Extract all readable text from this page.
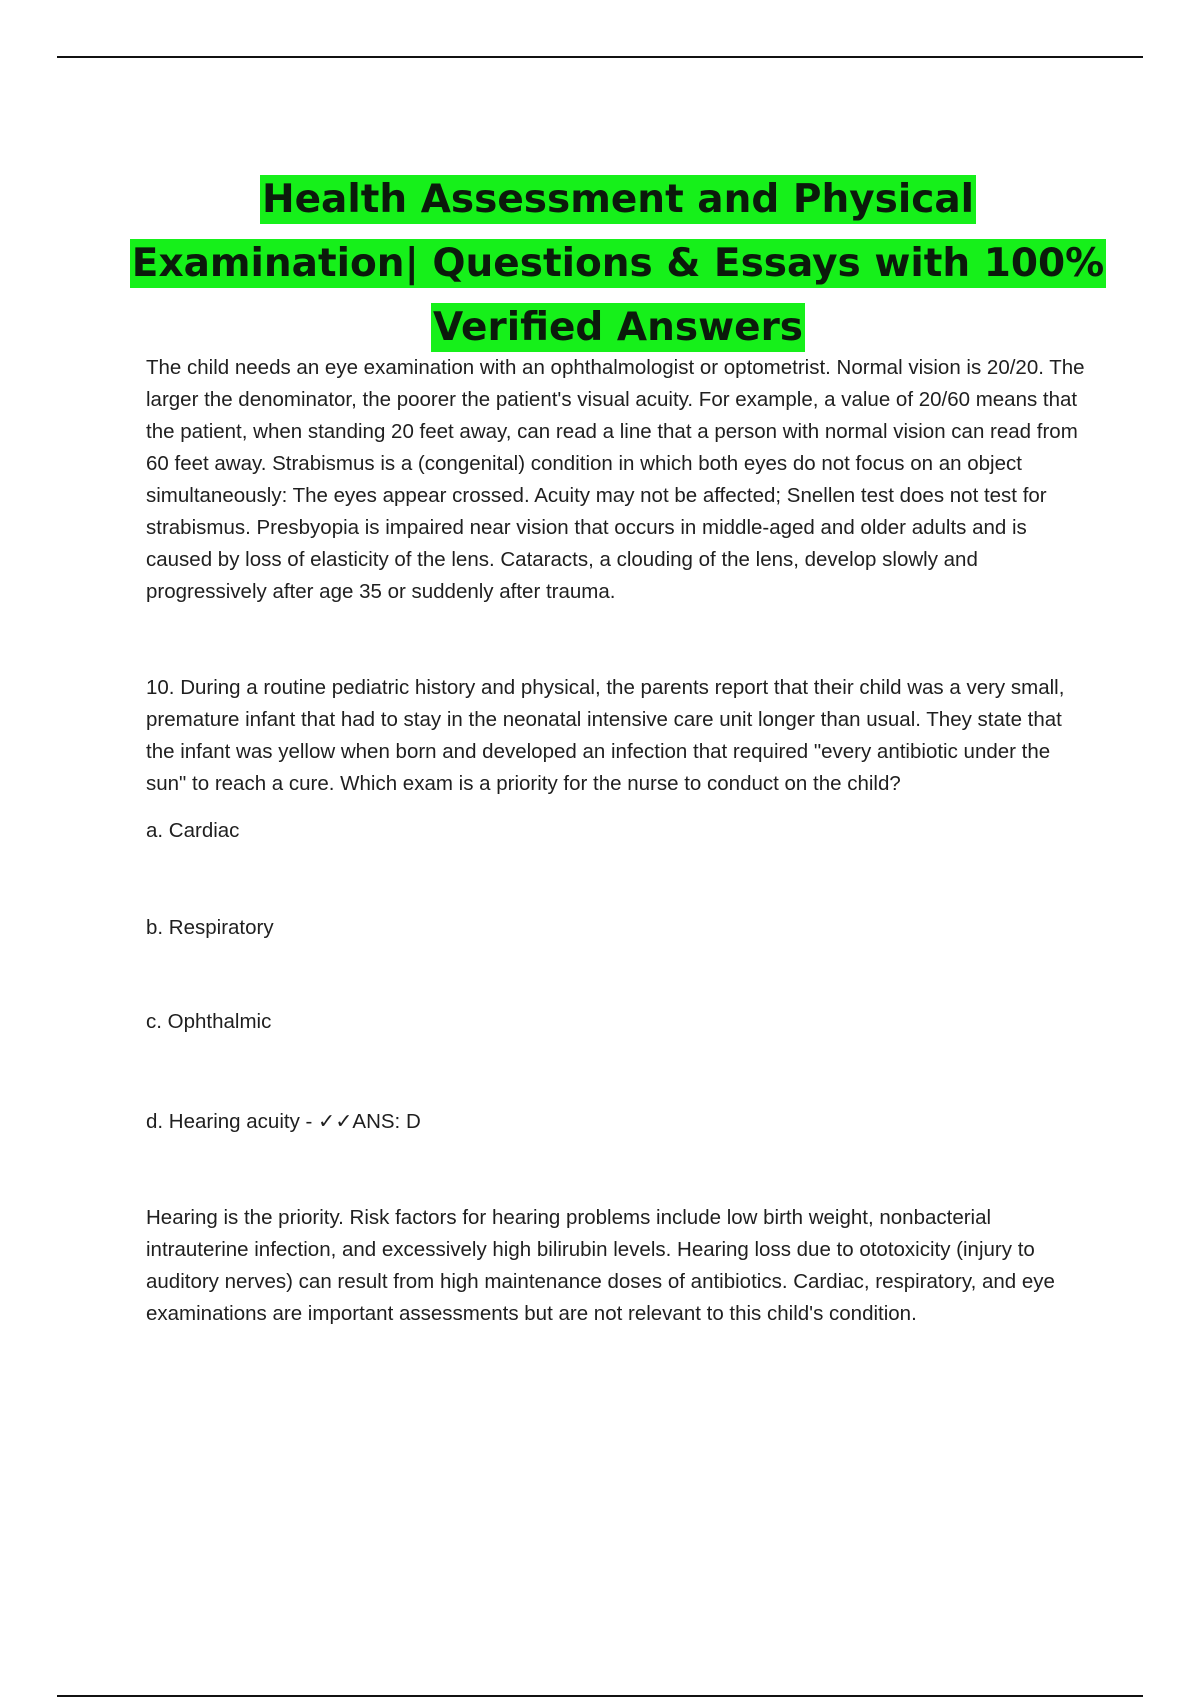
Health Assessment and Physical Examination| Questions & Essays with 100% Verified Answers

The child needs an eye examination with an ophthalmologist or optometrist. Normal vision is 20/20. The larger the denominator, the poorer the patient's visual acuity. For example, a value of 20/60 means that the patient, when standing 20 feet away, can read a line that a person with normal vision can read from 60 feet away. Strabismus is a (congenital) condition in which both eyes do not focus on an object simultaneously: The eyes appear crossed. Acuity may not be affected; Snellen test does not test for strabismus. Presbyopia is impaired near vision that occurs in middle-aged and older adults and is caused by loss of elasticity of the lens. Cataracts, a clouding of the lens, develop slowly and progressively after age 35 or suddenly after trauma.

10. During a routine pediatric history and physical, the parents report that their child was a very small, premature infant that had to stay in the neonatal intensive care unit longer than usual. They state that the infant was yellow when born and developed an infection that required "every antibiotic under the sun" to reach a cure. Which exam is a priority for the nurse to conduct on the child?

a. Cardiac

b. Respiratory

c. Ophthalmic

d. Hearing acuity - ✓✓ANS: D

Hearing is the priority. Risk factors for hearing problems include low birth weight, nonbacterial intrauterine infection, and excessively high bilirubin levels. Hearing loss due to ototoxicity (injury to auditory nerves) can result from high maintenance doses of antibiotics. Cardiac, respiratory, and eye examinations are important assessments but are not relevant to this child's condition.
